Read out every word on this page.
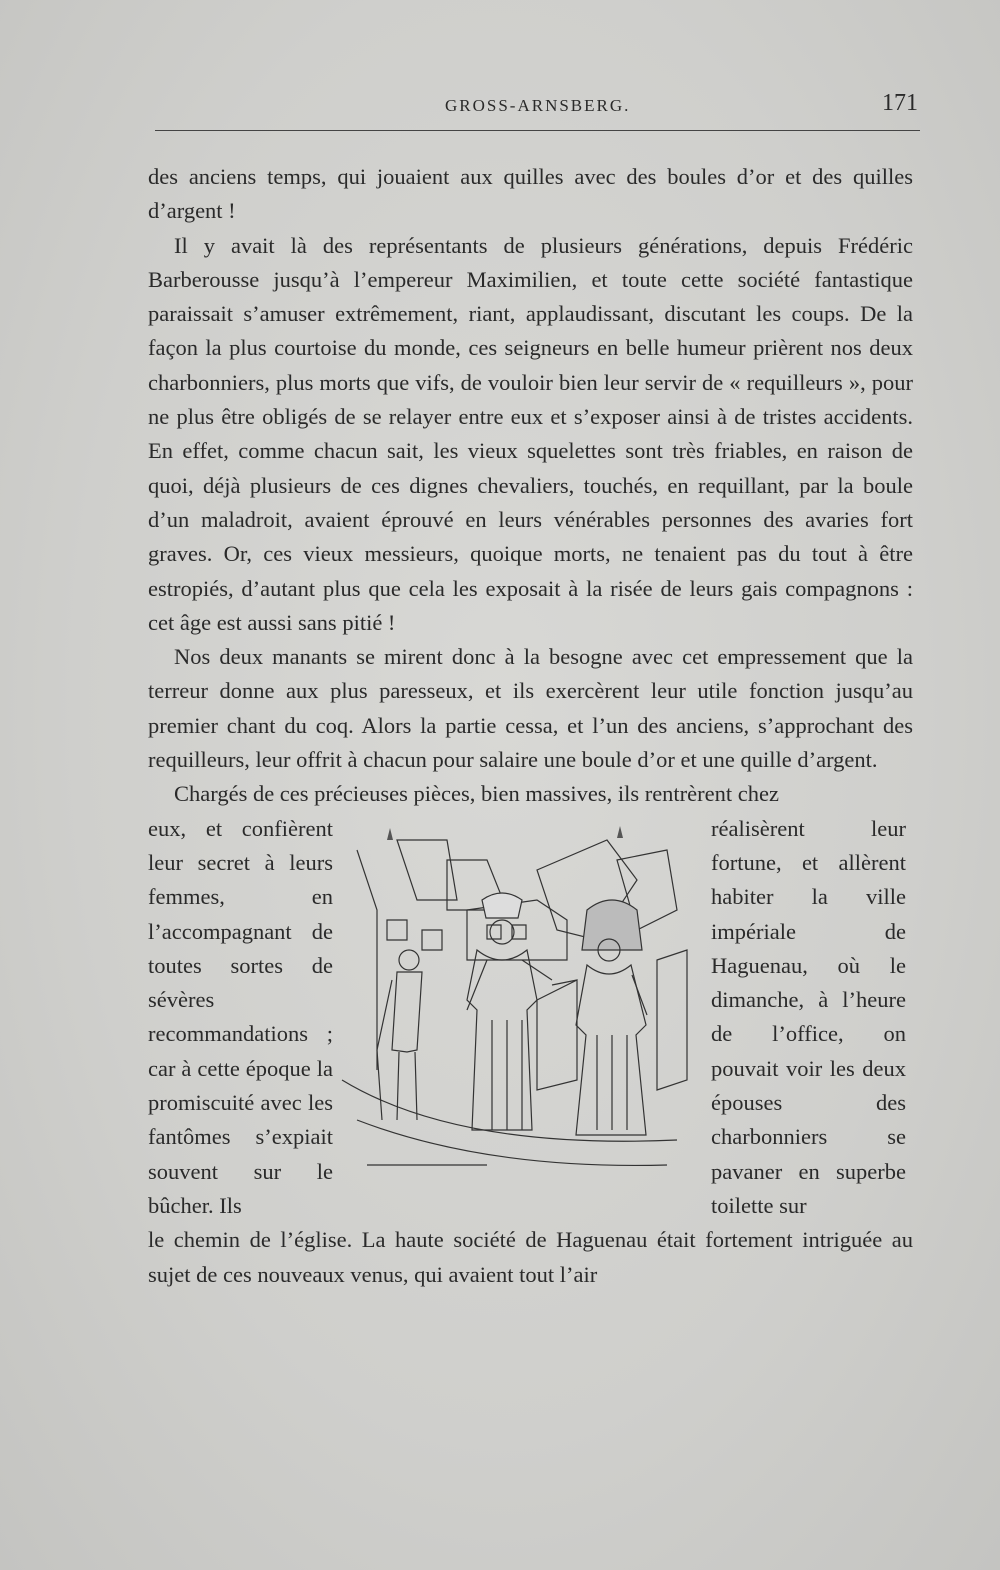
GROSS-ARNSBERG.	171

des anciens temps, qui jouaient aux quilles avec des boules d’or et des quilles d’argent !

Il y avait là des représentants de plusieurs générations, depuis Frédéric Barberousse jusqu’à l’empereur Maximilien, et toute cette société fantastique paraissait s’amuser extrêmement, riant, applaudissant, discutant les coups. De la façon la plus courtoise du monde, ces seigneurs en belle humeur prièrent nos deux charbonniers, plus morts que vifs, de vouloir bien leur servir de « requilleurs », pour ne plus être obligés de se relayer entre eux et s’exposer ainsi à de tristes accidents. En effet, comme chacun sait, les vieux squelettes sont très friables, en raison de quoi, déjà plusieurs de ces dignes chevaliers, touchés, en requillant, par la boule d’un maladroit, avaient éprouvé en leurs vénérables personnes des avaries fort graves. Or, ces vieux messieurs, quoique morts, ne tenaient pas du tout à être estropiés, d’autant plus que cela les exposait à la risée de leurs gais compagnons : cet âge est aussi sans pitié !

Nos deux manants se mirent donc à la besogne avec cet empressement que la terreur donne aux plus paresseux, et ils exercèrent leur utile fonction jusqu’au premier chant du coq. Alors la partie cessa, et l’un des anciens, s’approchant des requilleurs, leur offrit à chacun pour salaire une boule d’or et une quille d’argent.

Chargés de ces précieuses pièces, bien massives, ils rentrèrent chez

eux, et confièrent leur secret à leurs femmes, en l’accompagnant de toutes sortes de sévères recommandations ; car à cette époque la promiscuité avec les fantômes s’expiait souvent sur le bûcher. Ils
réalisèrent leur fortune, et allèrent habiter la ville impériale de Haguenau, où le dimanche, à l’heure de l’office, on pouvait voir les deux épouses des charbonniers se pavaner en superbe toilette sur

le chemin de l’église. La haute société de Haguenau était fortement intriguée au sujet de ces nouveaux venus, qui avaient tout l’air
